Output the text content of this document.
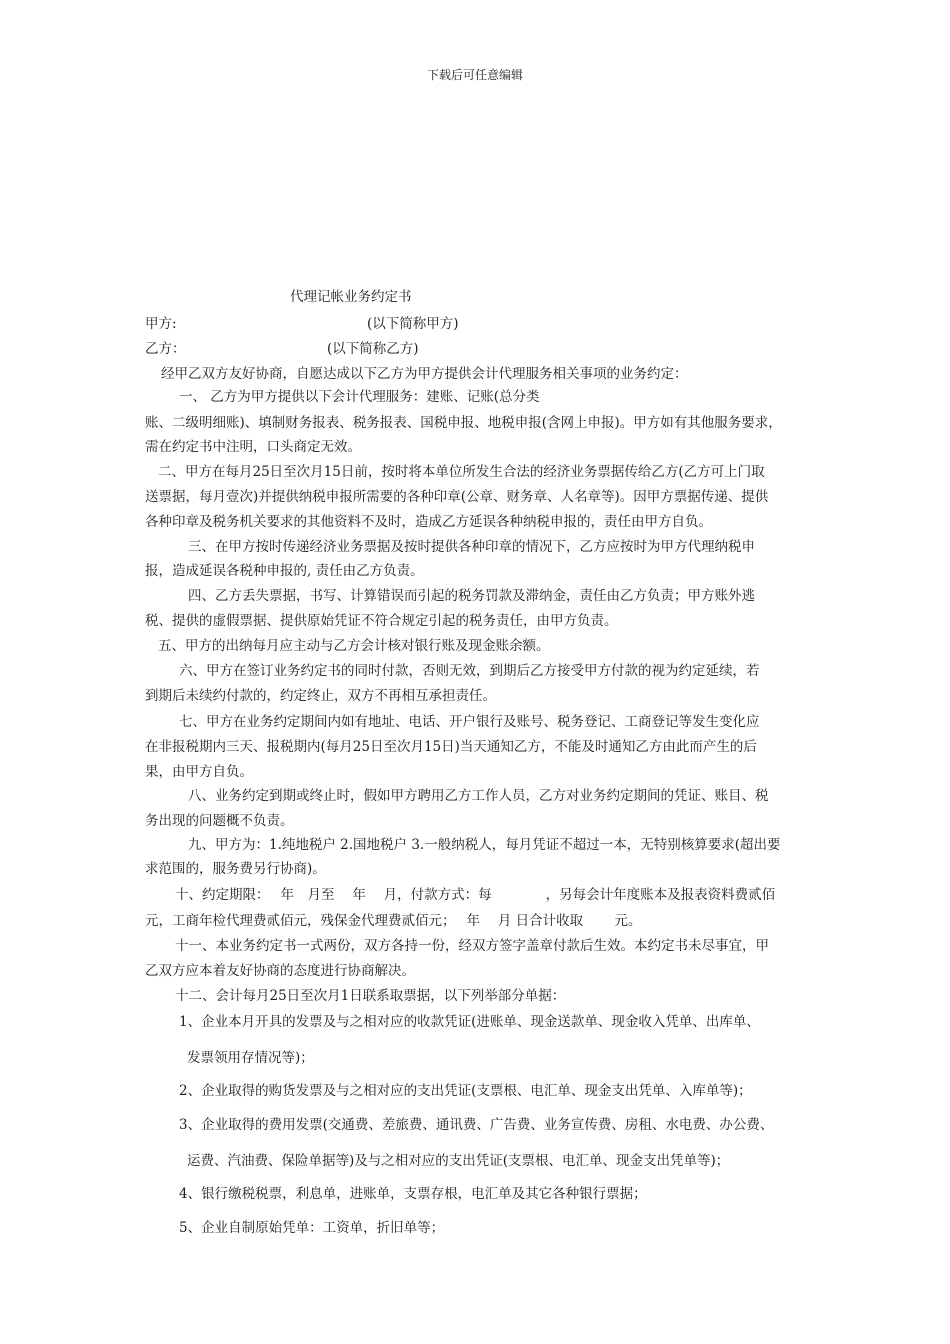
下载后可任意编辑
代理记帐业务约定书
甲方:	(以下简称甲方)
乙方：	(以下简称乙方)
经甲乙双方友好协商，自愿达成以下乙方为甲方提供会计代理服务相关事项的业务约定：
一、 乙方为甲方提供以下会计代理服务：建账、记账(总分类
账、二级明细账)、填制财务报表、税务报表、国税申报、地税申报(含网上申报)。甲方如有其他服务要求，
需在约定书中注明，口头商定无效。
二、甲方在每月25日至次月15日前，按时将本单位所发生合法的经济业务票据传给乙方(乙方可上门取
送票据，每月壹次)并提供纳税申报所需要的各种印章(公章、财务章、人名章等)。因甲方票据传递、提供
各种印章及税务机关要求的其他资料不及时，造成乙方延误各种纳税申报的，责任由甲方自负。
三、在甲方按时传递经济业务票据及按时提供各种印章的情况下，乙方应按时为甲方代理纳税申
报，造成延误各税种申报的, 责任由乙方负责。
四、乙方丢失票据，书写、计算错误而引起的税务罚款及滞纳金，责任由乙方负责；甲方账外逃
税、提供的虚假票据、提供原始凭证不符合规定引起的税务责任，由甲方负责。
五、甲方的出纳每月应主动与乙方会计核对银行账及现金账余额。
六、甲方在签订业务约定书的同时付款，否则无效，到期后乙方接受甲方付款的视为约定延续，若
到期后未续约付款的，约定终止，双方不再相互承担责任。
七、甲方在业务约定期间内如有地址、电话、开户银行及账号、税务登记、工商登记等发生变化应
在非报税期内三天、报税期内(每月25日至次月15日)当天通知乙方，不能及时通知乙方由此而产生的后
果，由甲方自负。
八、业务约定到期或终止时，假如甲方聘用乙方工作人员，乙方对业务约定期间的凭证、账目、税
务出现的问题概不负责。
九、甲方为：1.纯地税户 2.国地税户 3.一般纳税人，每月凭证不超过一本，无特别核算要求(超出要
求范围的，服务费另行协商)。
十、约定期限：　 年　月至　 年　 月，付款方式：每　　　　，另每会计年度账本及报表资料费贰佰
元，工商年检代理费贰佰元，残保金代理费贰佰元；　 年　 月 日合计收取　　 元。
十一、本业务约定书一式两份，双方各持一份，经双方签字盖章付款后生效。本约定书未尽事宜，甲
乙双方应本着友好协商的态度进行协商解决。
十二、会计每月25日至次月1日联系取票据，以下列举部分单据：
1、企业本月开具的发票及与之相对应的收款凭证(进账单、现金送款单、现金收入凭单、出库单、
发票领用存情况等)；
2、企业取得的购货发票及与之相对应的支出凭证(支票根、电汇单、现金支出凭单、入库单等)；
3、企业取得的费用发票(交通费、差旅费、通讯费、广告费、业务宣传费、房租、水电费、办公费、
运费、汽油费、保险单据等)及与之相对应的支出凭证(支票根、电汇单、现金支出凭单等)；
4、银行缴税税票，利息单，进账单，支票存根，电汇单及其它各种银行票据；
5、企业自制原始凭单：工资单，折旧单等；
